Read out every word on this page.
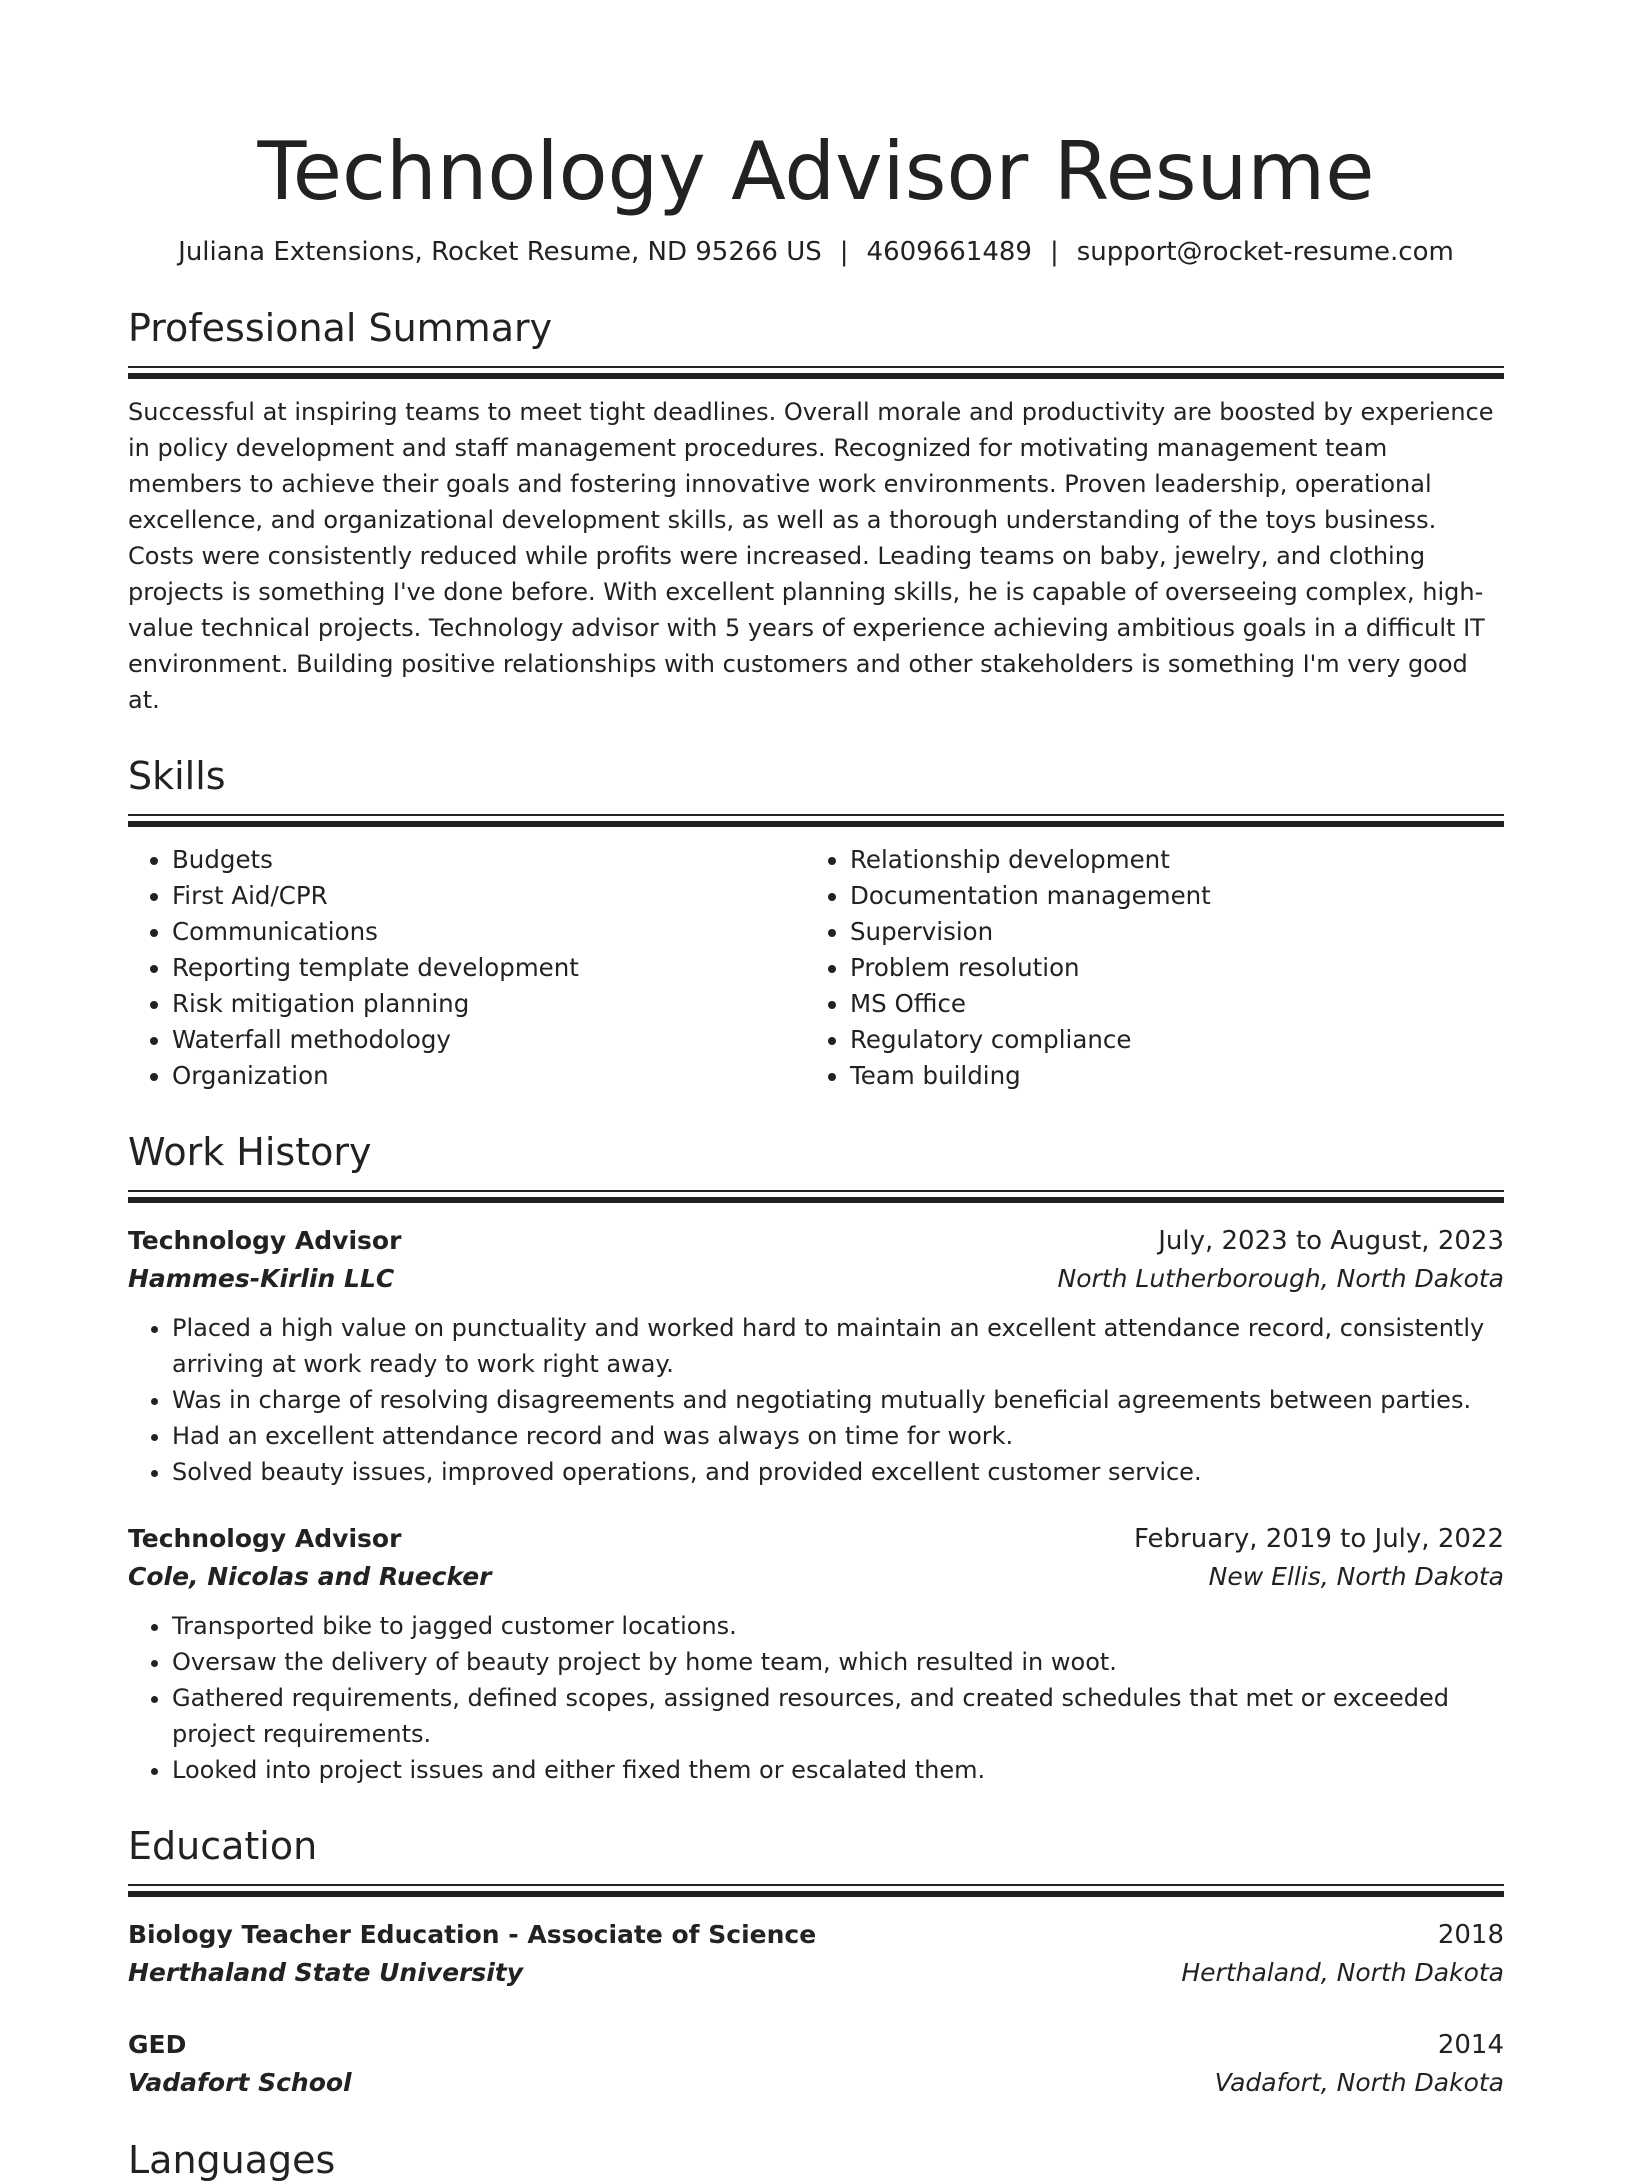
Technology Advisor Resume
Juliana Extensions, Rocket Resume, ND 95266 US | 4609661489 | support@rocket-resume.com
Professional Summary
Successful at inspiring teams to meet tight deadlines. Overall morale and productivity are boosted by experience in policy development and staff management procedures. Recognized for motivating management team members to achieve their goals and fostering innovative work environments. Proven leadership, operational excellence, and organizational development skills, as well as a thorough understanding of the toys business. Costs were consistently reduced while profits were increased. Leading teams on baby, jewelry, and clothing projects is something I've done before. With excellent planning skills, he is capable of overseeing complex, high-value technical projects. Technology advisor with 5 years of experience achieving ambitious goals in a difficult IT environment. Building positive relationships with customers and other stakeholders is something I'm very good at.
Skills
• Budgets
• First Aid/CPR
• Communications
• Reporting template development
• Risk mitigation planning
• Waterfall methodology
• Organization
• Relationship development
• Documentation management
• Supervision
• Problem resolution
• MS Office
• Regulatory compliance
• Team building
Work History
Technology Advisor	July, 2023 to August, 2023
Hammes-Kirlin LLC	North Lutherborough, North Dakota
• Placed a high value on punctuality and worked hard to maintain an excellent attendance record, consistently arriving at work ready to work right away.
• Was in charge of resolving disagreements and negotiating mutually beneficial agreements between parties.
• Had an excellent attendance record and was always on time for work.
• Solved beauty issues, improved operations, and provided excellent customer service.
Technology Advisor	February, 2019 to July, 2022
Cole, Nicolas and Ruecker	New Ellis, North Dakota
• Transported bike to jagged customer locations.
• Oversaw the delivery of beauty project by home team, which resulted in woot.
• Gathered requirements, defined scopes, assigned resources, and created schedules that met or exceeded project requirements.
• Looked into project issues and either fixed them or escalated them.
Education
Biology Teacher Education - Associate of Science	2018
Herthaland State University	Herthaland, North Dakota
GED	2014
Vadafort School	Vadafort, North Dakota
Languages
